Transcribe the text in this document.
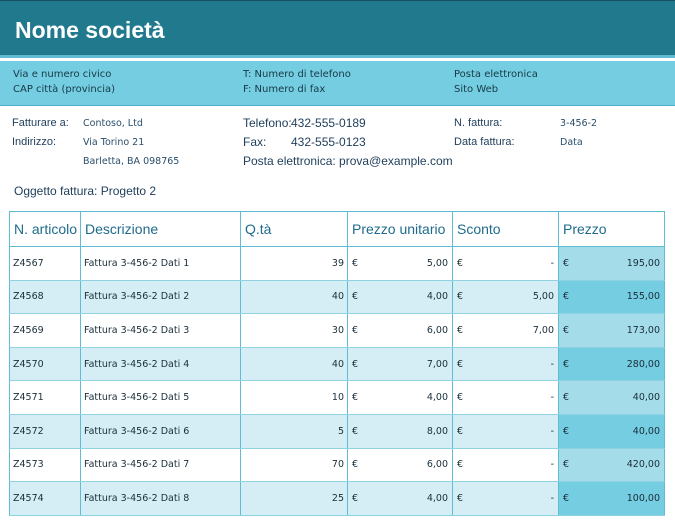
Nome società
Via e numero civico
CAP città (provincia)
T: Numero di telefono
F: Numero di fax
Posta elettronica
Sito Web
Fatturare a:
Indirizzo:
Contoso, Ltd
Via Torino 21
Barletta, BA 098765
Telefono: 432-555-0189
Fax: 432-555-0123
Posta elettronica: prova@example.com
N. fattura:	3-456-2
Data fattura:	Data
Oggetto fattura: Progetto 2
N. articolo	Descrizione	Q.tà	Prezzo unitario	Sconto	Prezzo
Z4567	Fattura 3-456-2 Dati 1	39	€ 5,00	€ -	€ 195,00

Z4568	Fattura 3-456-2 Dati 2	40	€ 4,00	€ 5,00	€ 155,00

Z4569	Fattura 3-456-2 Dati 3	30	€ 6,00	€ 7,00	€ 173,00

Z4570	Fattura 3-456-2 Dati 4	40	€ 7,00	€ -	€ 280,00

Z4571	Fattura 3-456-2 Dati 5	10	€ 4,00	€ -	€ 40,00

Z4572	Fattura 3-456-2 Dati 6	5	€ 8,00	€ -	€ 40,00

Z4573	Fattura 3-456-2 Dati 7	70	€ 6,00	€ -	€ 420,00

Z4574	Fattura 3-456-2 Dati 8	25	€ 4,00	€ -	€ 100,00
